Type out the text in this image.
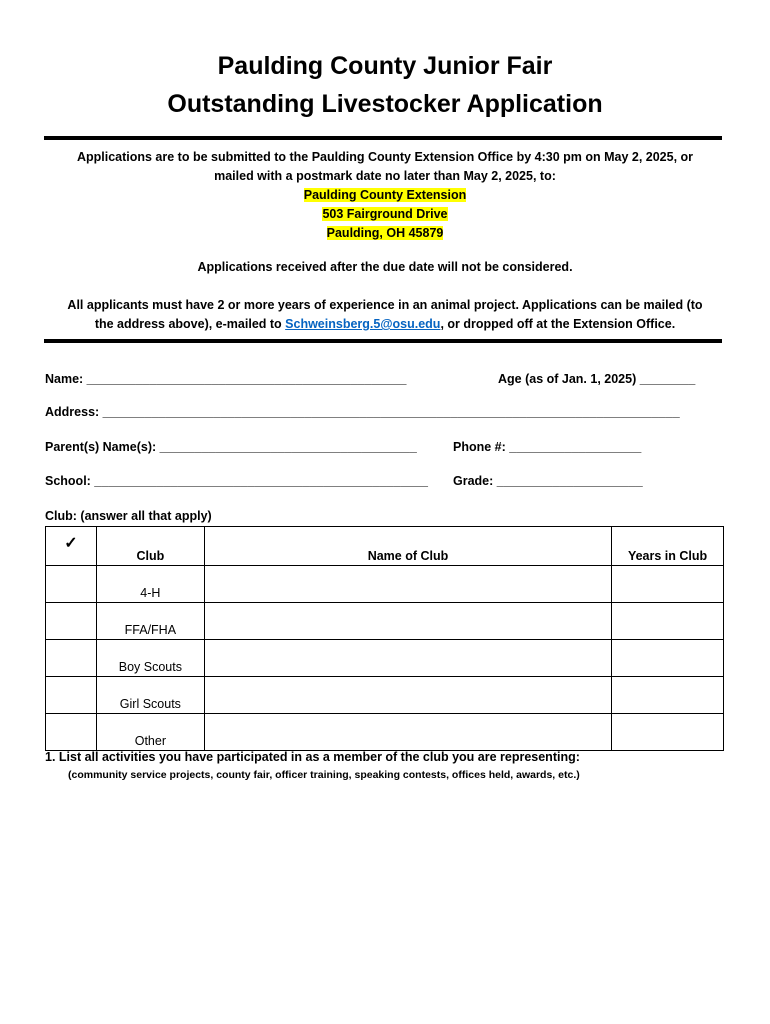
Paulding County Junior Fair
Outstanding Livestocker Application
Applications are to be submitted to the Paulding County Extension Office by 4:30 pm on May 2, 2025, or
mailed with a postmark date no later than May 2, 2025, to:
Paulding County Extension
503 Fairground Drive
Paulding, OH 45879
Applications received after the due date will not be considered.
All applicants must have 2 or more years of experience in an animal project. Applications can be mailed (to
the address above), e-mailed to Schweinsberg.5@osu.edu, or dropped off at the Extension Office.
Name: ______________________________________________	Age (as of Jan. 1, 2025) ________
Address: ___________________________________________________________________________________
Parent(s) Name(s): _____________________________________	Phone #: ___________________
School: ________________________________________________ Grade: _____________________
Club: (answer all that apply)
✓	Club	Name of Club	Years in Club
	4-H		
	FFA/FHA		
	Boy Scouts		
	Girl Scouts		
	Other		
1. List all activities you have participated in as a member of the club you are representing:
(community service projects, county fair, officer training, speaking contests, offices held, awards, etc.)
